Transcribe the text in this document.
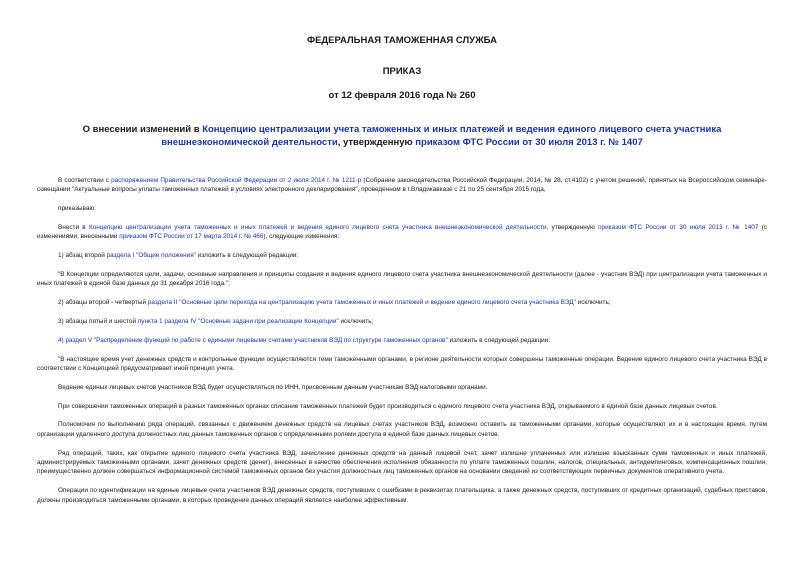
ФЕДЕРАЛЬНАЯ ТАМОЖЕННАЯ СЛУЖБА
ПРИКАЗ
от 12 февраля 2016 года № 260
О внесении изменений в Концепцию централизации учета таможенных и иных платежей и ведения единого лицевого счета участника внешнеэкономической деятельности, утвержденную приказом ФТС России от 30 июля 2013 г. № 1407

В соответствии с распоряжением Правительства Российской Федерации от 2 июля 2014 г. № 1211-р (Собрание законодательства Российской Федерации, 2014, № 28, ст.4102) с учетом решений, принятых на Всероссийском семинаре-совещании "Актуальные вопросы уплаты таможенных платежей в условиях электронного декларирования", проведенном в г.Владикавказе с 21 по 25 сентября 2015 года,

приказываю:

Внести в Концепцию централизации учета таможенных и иных платежей и ведения единого лицевого счета участника внешнеэкономической деятельности, утвержденную приказом ФТС России от 30 июля 2013 г. № 1407 (с изменениями, внесенными приказом ФТС России от 17 марта 2014 г. № 466), следующие изменения:

1) абзац второй раздела I "Общие положения" изложить в следующей редакции:

"В Концепции определяются цели, задачи, основные направления и принципы создания и ведения единого лицевого счета участника внешнеэкономической деятельности (далее - участник ВЭД) при централизации учета таможенных и иных платежей в единой базе данных до 31 декабря 2016 года.";

2) абзацы второй - четвертый раздела II "Основные цели перехода на централизацию учета таможенных и иных платежей и ведение единого лицевого счета участника ВЭД" исключить;

3) абзацы пятый и шестой пункта 1 раздела IV "Основные задачи при реализации Концепции" исключить;

4) раздел V "Распределение функций по работе с едиными лицевыми счетами участников ВЭД по структуре таможенных органов" изложить в следующей редакции:

"В настоящее время учет денежных средств и контрольные функции осуществляются теми таможенными органами, в регионе деятельности которых совершены таможенные операции. Ведение единого лицевого счета участника ВЭД в соответствии с Концепцией предусматривает иной принцип учета.

Ведение единых лицевых счетов участников ВЭД будет осуществляться по ИНН, присвоенным данным участникам ВЭД налоговыми органами.

При совершении таможенных операций в разных таможенных органах списание таможенных платежей будет производиться с единого лицевого счета участника ВЭД, открываемого в единой базе данных лицевых счетов.

Полномочия по выполнению ряда операций, связанных с движением денежных средств на лицевых счетах участников ВЭД, возможно оставить за таможенными органами, которые осуществляют их и в настоящее время, путем организации удаленного доступа должностных лиц данных таможенных органов с определенными ролями доступа в единой базе данных лицевых счетов.

Ряд операций, таких, как открытие единого лицевого счета участника ВЭД, зачисление денежных средств на данный лицевой счет, зачет излишне уплаченных или излишне взысканных сумм таможенных и иных платежей, администрируемых таможенными органами, зачет денежных средств (денег), внесенных в качестве обеспечения исполнения обязанности по уплате таможенных пошлин, налогов, специальных, антидемпинговых, компенсационных пошлин, преимущественно должен совершаться информационной системой таможенных органов без участия должностных лиц таможенных органов на основании сведений из соответствующих первичных документов оперативного учета.

Операции по идентификации на единые лицевые счета участников ВЭД денежных средств, поступивших с ошибками в реквизитах плательщика, а также денежных средств, поступивших от кредитных организаций, судебных приставов, должны производиться таможенными органами, в которых проведение данных операций является наиболее эффективным.
